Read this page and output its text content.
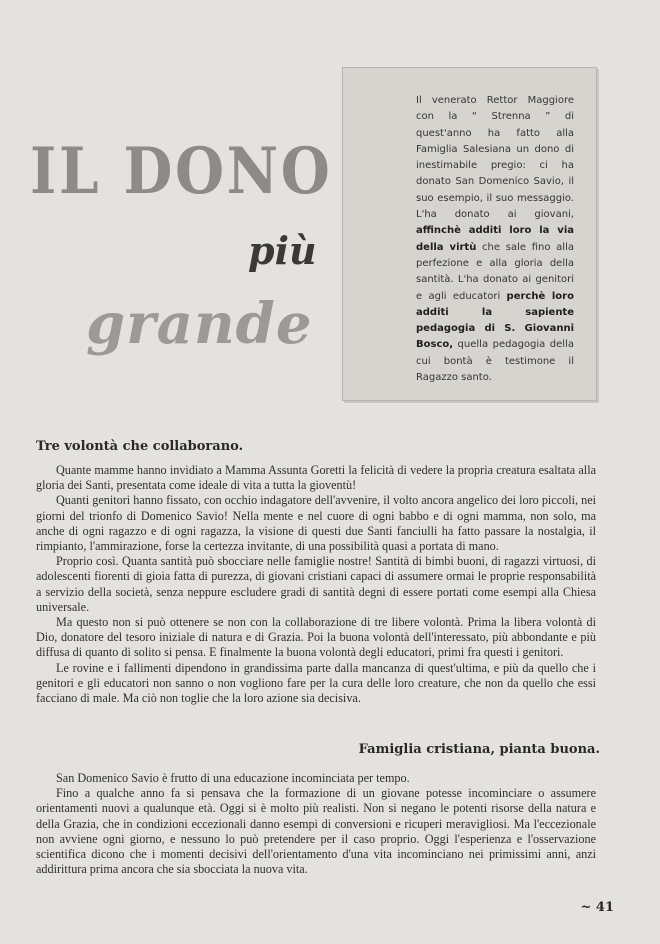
IL DONO
più
grande

Il venerato Rettor Maggiore con la “ Strenna ” di quest'anno ha fatto alla Famiglia Salesiana un dono di inestimabile pregio: ci ha donato San Domenico Savio, il suo esempio, il suo messaggio. L'ha donato ai giovani, affinchè additi loro la via della virtù che sale fino alla perfezione e alla gloria della santità. L'ha donato ai genitori e agli educatori perchè loro additi la sapiente pedagogia di S. Giovanni Bosco, quella pedagogia della cui bontà è testimone il Ragazzo santo.

Tre volontà che collaborano.

Quante mamme hanno invidiato a Mamma Assunta Goretti la felicità di vedere la propria creatura esaltata alla gloria dei Santi, presentata come ideale di vita a tutta la gioventù!

Quanti genitori hanno fissato, con occhio indagatore dell'avvenire, il volto ancora angelico dei loro piccoli, nei giorni del trionfo di Domenico Savio! Nella mente e nel cuore di ogni babbo e di ogni mamma, non solo, ma anche di ogni ragazzo e di ogni ragazza, la visione di questi due Santi fanciulli ha fatto passare la nostalgia, il rimpianto, l'ammirazione, forse la certezza invitante, di una possibilità quasi a portata di mano.

Proprio così. Quanta santità può sbocciare nelle famiglie nostre! Santità di bimbi buoni, di ragazzi virtuosi, di adolescenti fiorenti di gioia fatta di purezza, di giovani cristiani capaci di assumere ormai le proprie responsabilità a servizio della società, senza neppure escludere gradi di santità degni di essere portati come esempi alla Chiesa universale.

Ma questo non si può ottenere se non con la collaborazione di tre libere volontà. Prima la libera volontà di Dio, donatore del tesoro iniziale di natura e di Grazia. Poi la buona volontà dell'interessato, più abbondante e più diffusa di quanto di solito si pensa. E finalmente la buona volontà degli educatori, primi fra questi i genitori.

Le rovine e i fallimenti dipendono in grandissima parte dalla mancanza di quest'ultima, e più da quello che i genitori e gli educatori non sanno o non vogliono fare per la cura delle loro creature, che non da quello che essi facciano di male. Ma ciò non toglie che la loro azione sia decisiva.

Famiglia cristiana, pianta buona.

San Domenico Savio è frutto di una educazione incominciata per tempo.

Fino a qualche anno fa si pensava che la formazione di un giovane potesse incominciare o assumere orientamenti nuovi a qualunque età. Oggi si è molto più realisti. Non si negano le potenti risorse della natura e della Grazia, che in condizioni eccezionali danno esempi di conversioni e ricuperi meravigliosi. Ma l'eccezionale non avviene ogni giorno, e nessuno lo può pretendere per il caso proprio. Oggi l'esperienza e l'osservazione scientifica dicono che i momenti decisivi dell'orientamento d'una vita incominciano nei primissimi anni, anzi addirittura prima ancora che sia sbocciata la nuova vita.

~ 41
